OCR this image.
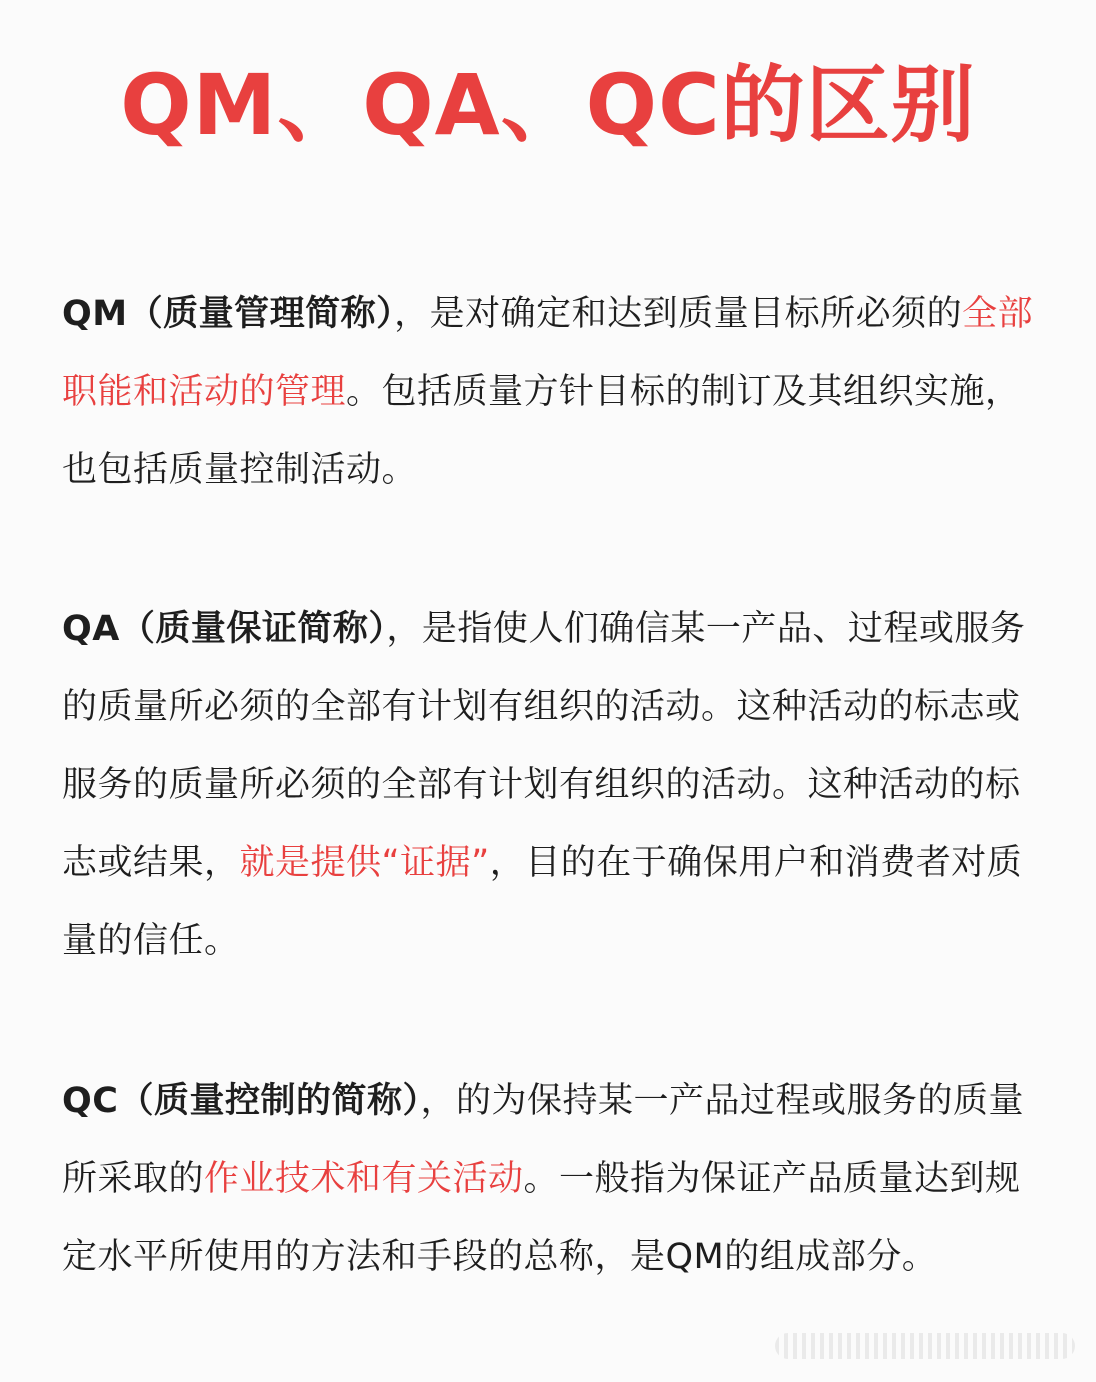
QM、QA、QC的区别
QM（质量管理简称），是对确定和达到质量目标所必须的全部职能和活动的管理。包括质量方针目标的制订及其组织实施，也包括质量控制活动。
QA（质量保证简称），是指使人们确信某一产品、过程或服务的质量所必须的全部有计划有组织的活动。这种活动的标志或服务的质量所必须的全部有计划有组织的活动。这种活动的标志或结果，就是提供“证据”，目的在于确保用户和消费者对质量的信任。
QC（质量控制的简称），的为保持某一产品过程或服务的质量所采取的作业技术和有关活动。一般指为保证产品质量达到规定水平所使用的方法和手段的总称，是QM的组成部分。
